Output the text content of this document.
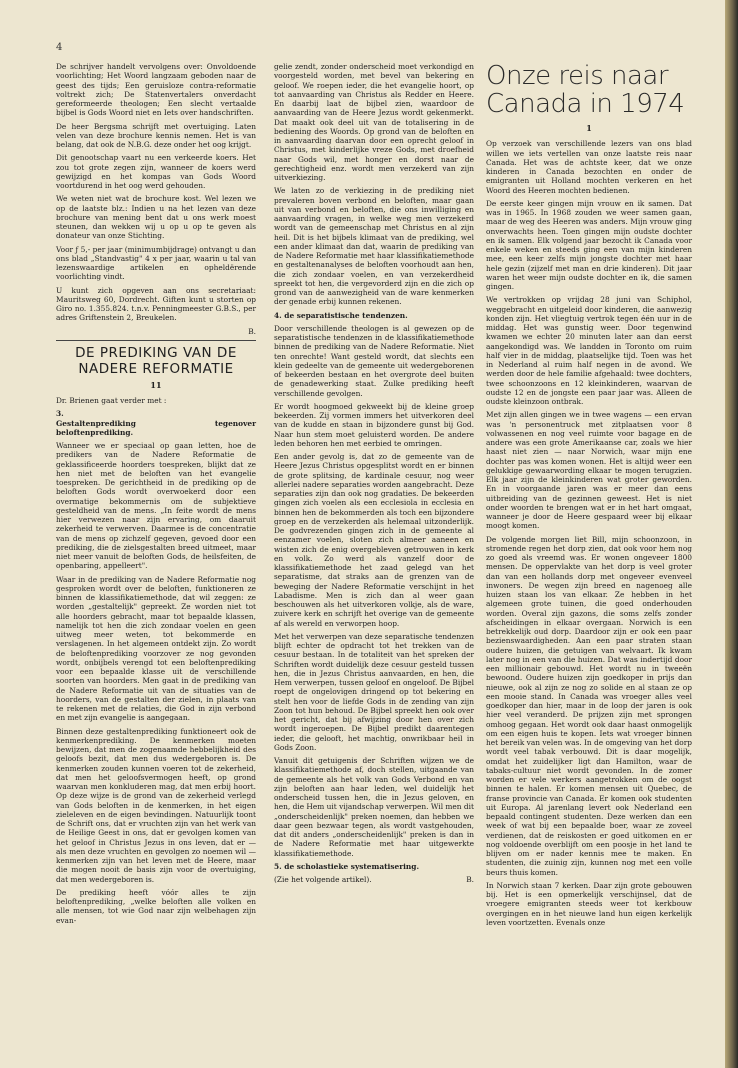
4

De schrijver handelt vervolgens over: Onvoldoende voorlichting; Het Woord langzaam geboden naar de geest des tijds; Een geruisloze contra-reformatie voltrekt zich; De Statenvertalers onverdacht gereformeerde theologen; Een slecht vertaalde bijbel is Gods Woord niet en Iets over handschriften.

De heer Bergsma schrijft met overtuiging. Laten velen van deze brochure kennis nemen. Het is van belang, dat ook de N.B.G. deze onder het oog krijgt.

Dit genootschap vaart nu een verkeerde koers. Het zou tot grote zegen zijn, wanneer de koers werd gewijzigd en het kompas van Gods Woord voortdurend in het oog werd gehouden.

We weten niet wat de brochure kost. Wel lezen we op de laatste blz.: Indien u na het lezen van deze brochure van mening bent dat u ons werk moest steunen, dan wekken wij u op u op te geven als donateur van onze Stichting.

Voor ƒ 5,- per jaar (minimumbijdrage) ontvangt u dan ons blad „Standvastig" 4 x per jaar, waarin u tal van lezenswaardige artikelen en opheldërende voorlichting vindt.

U kunt zich opgeven aan ons secretariaat: Mauritsweg 60, Dordrecht. Giften kunt u storten op Giro no. 1.355.824. t.n.v. Penningmeester G.B.S., per adres Griftenstein 2, Breukelen.

B.

DE PREDIKING VAN DE NADERE REFORMATIE
11

Dr. Brienen gaat verder met :

3. Gestaltenprediking tegenover beloftenprediking.

Wanneer we er speciaal op gaan letten, hoe de predikers van de Nadere Reformatie de geklassificeerde hoorders toespreken, blijkt dat ze hen niet met de beloften van het evangelie toespreken. De gerichtheid in de prediking op de beloften Gods wordt overwoekerd door een overmatige bekommernis om de subjektieve gesteldheid van de mens. „In feite wordt de mens hier verwezen naar zijn ervaring, om daaruit zekerheid te verwerven. Daarmee is de concentratie van de mens op zichzelf gegeven, gevoed door een prediking, die de zielsgestalten breed uitmeet, maar niet meer vanuit de beloften Gods, de heilsfeiten, de openbaring, appelleert".

Waar in de prediking van de Nadere Reformatie nog gesproken wordt over de beloften, funktioneren ze binnen de klassifikatiemethode, dat wil zeggen: ze worden „gestaltelijk" gepreekt. Ze worden niet tot alle hoorders gebracht, maar tot bepaalde klassen, namelijk tot hen die zich zondaar voelen en geen uitweg meer weten, tot bekommerde en verslagenen. In het algemeen ontdekt zijn. Zo wordt de beloftenprediking voorzover ze nog gevonden wordt, onbijbels verengd tot een beloftenprediking voor een bepaalde klasse uit de verschillende soorten van hoorders. Men gaat in de prediking van de Nadere Reformatie uit van de situaties van de hoorders, van de gestalten der zielen, in plaats van te rekenen met de relaties, die God in zijn verbond en met zijn evangelie is aangegaan.

Binnen deze gestaltenprediking funktioneert ook de kenmerkenprediking. De kenmerken moeten bewijzen, dat men de zogenaamde hebbelijkheid des geloofs bezit, dat men dus wedergeboren is. De kenmerken zouden kunnen voeren tot de zekerheid, dat men het geloofsvermogen heeft, op grond waarvan men konkluderen mag, dat men erbij hoort. Op deze wijze is de grond van de zekerheid verlegd van Gods beloften in de kenmerken, in het eigen zieleleven en de eigen bevindingen. Natuurlijk toont de Schrift ons, dat er vruchten zijn van het werk van de Heilige Geest in ons, dat er gevolgen komen van het geloof in Christus Jezus in ons leven, dat er — als men deze vruchten en gevolgen zo noemen wil — kenmerken zijn van het leven met de Heere, maar die mogen nooit de basis zijn voor de overtuiging, dat men wedergeboren is.

De prediking heeft vóór alles te zijn beloftenprediking, „welke beloften alle volken en alle mensen, tot wie God naar zijn welbehagen zijn evan-

gelie zendt, zonder onderscheid moet verkondigd en voorgesteld worden, met bevel van bekering en geloof. We roepen ieder, die het evangelie hoort, op tot aanvaarding van Christus als Redder en Heere. En daarbij laat de bijbel zien, waardoor de aanvaarding van de Heere Jezus wordt gekenmerkt. Dat maakt ook deel uit van de totalisering in de bediening des Woords. Op grond van de beloften en in aanvaarding daarvan door een oprecht geloof in Christus, met kinderlijke vreze Gods, met droefheid naar Gods wil, met honger en dorst naar de gerechtigheid enz. wordt men verzekerd van zijn uitverkiezing.

We laten zo de verkiezing in de prediking niet prevaleren boven verbond en beloften, maar gaan uit van verbond en beloften, die ons inwilliging en aanvaarding vragen, in welke weg men verzekerd wordt van de gemeenschap met Christus en al zijn heil. Dit is het bijbels klimaat van de prediking, wel een ander klimaat dan dat, waarin de prediking van de Nadere Reformatie met haar klassifikatiemethode en gestaltenanalyses de beloften voorhoudt aan hen, die zich zondaar voelen, en van verzekerdheid spreekt tot hen, die vergevorderd zijn en die zich op grond van de aanwezigheid van de ware kenmerken der genade erbij kunnen rekenen.

4. de separatistische tendenzen.

Door verschillende theologen is al gewezen op de separatistische tendenzen in de klassifikatiemethode binnen de prediking van de Nadere Reformatie. Niet ten onrechte! Want gesteld wordt, dat slechts een klein gedeelte van de gemeente uit wedergeborenen of bekeerden bestaan en het overgrote deel buiten de genadewerking staat. Zulke prediking heeft verschillende gevolgen.

Er wordt hoogmoed gekweekt bij de kleine groep bekeerden. Zij vormen immers het uitverkoren deel van de kudde en staan in bijzondere gunst bij God. Naar hun stem moet geluisterd worden. De andere leden behoren hen met eerbied te omringen.

Een ander gevolg is, dat zo de gemeente van de Heere Jezus Christus opgesplitst wordt en er binnen de grote splitsing, de kardinale cesuur, nog weer allerlei nadere separaties worden aangebracht. Deze separaties zijn dan ook nog gradaties. De bekeerden gingen zich voelen als een ecclesiola in ecclesia en binnen hen de bekommerden als toch een bijzondere groep en de verzekerden als helemaal uitzonderlijk. De godvrezenden gingen zich in de gemeente al eenzamer voelen, sloten zich almeer aaneen en wisten zich de enig overgebleven getrouwen in kerk en volk. Zo werd als vanzelf door de klassifikatiemethode het zaad gelegd van het separatisme, dat straks aan de grenzen van de beweging der Nadere Reformatie verschijnt in het Labadisme. Men is zich dan al weer gaan beschouwen als het uitverkoren volkje, als de ware, zuivere kerk en schrijft het overige van de gemeente af als wereld en verworpen hoop.

Met het verwerpen van deze separatische tendenzen blijft echter de opdracht tot het trekken van de cesuur bestaan. In de totaliteit van het spreken der Schriften wordt duidelijk deze cesuur gesteld tussen hen, die in Jezus Christus aanvaarden, en hen, die Hem verwerpen, tussen geloof en ongeloof. De Bijbel roept de ongelovigen dringend op tot bekering en stelt hen voor de liefde Gods in de zending van zijn Zoon tot hun behoud. De Bijbel spreekt hen ook over het gericht, dat bij afwijzing door hen over zich wordt ingeroepen. De Bijbel predikt daarentegen ieder, die gelooft, het machtig, onwrikbaar heil in Gods Zoon.

Vanuit dit getuigenis der Schriften wijzen we de klassifikatiemethode af, doch stellen, uitgaande van de gemeente als het volk van Gods Verbond en van zijn beloften aan haar leden, wel duidelijk het onderscheid tussen hen, die in Jezus geloven, en hen, die Hem uit vijandschap verwerpen. Wil men dit „onderscheidenlijk" preken noemen, dan hebben we daar geen bezwaar tegen, als wordt vastgehouden, dat dit anders „onderscheidenlijk" preken is dan in de Nadere Reformatie met haar uitgewerkte klassifikatiemethode.

5. de scholastieke systematisering.

(Zie het volgende artikel).	B.

Onze reis naar Canada in 1974
1

Op verzoek van verschillende lezers van ons blad willen we iets vertellen van onze laatste reis naar Canada. Het was de achtste keer, dat we onze kinderen in Canada bezochten en onder de emigranten uit Holland mochten verkeren en het Woord des Heeren mochten bedienen.

De eerste keer gingen mijn vrouw en ik samen. Dat was in 1965. In 1968 zouden we weer samen gaan, maar de weg des Heeren was anders. Mijn vrouw ging onverwachts heen. Toen gingen mijn oudste dochter en ik samen. Elk volgend jaar bezocht ik Canada voor enkele weken en steeds ging een van mijn kinderen mee, een keer zelfs mijn jongste dochter met haar hele gezin (zijzelf met man en drie kinderen). Dit jaar waren het weer mijn oudste dochter en ik, die samen gingen.

We vertrokken op vrijdag 28 juni van Schiphol, weggebracht en uitgeleid door kinderen, die aanwezig konden zijn. Het vliegtuig vertrok tegen één uur in de middag. Het was gunstig weer. Door tegenwind kwamen we echter 20 minuten later aan dan eerst aangekondigd was. We landden in Toronto om ruim half vier in de middag, plaatselijke tijd. Toen was het in Nederland al ruim half negen in de avond. We werden door de hele familie afgehaald: twee dochters, twee schoonzoons en 12 kleinkinderen, waarvan de oudste 12 en de jongste een paar jaar was. Alleen de oudste kleinzoon ontbrak.

Met zijn allen gingen we in twee wagens — een ervan was 'n personentruck met zitplaatsen voor 8 volwassenen en nog veel ruimte voor bagage en de andere was een grote Amerikaanse car, zoals we hier haast niet zien — naar Norwich, waar mijn ene dochter pas was komen wonen. Het is altijd weer een gelukkige gewaarwording elkaar te mogen terugzien. Elk jaar zijn de kleinkinderen wat groter geworden. En in voorgaande jaren was er meer dan eens uitbreiding van de gezinnen geweest. Het is niet onder woorden te brengen wat er in het hart omgaat, wanneer je door de Heere gespaard weer bij elkaar moogt komen.

De volgende morgen liet Bill, mijn schoonzoon, in stromende regen het dorp zien, dat ook voor hem nog zo goed als vreemd was. Er wonen ongeveer 1800 mensen. De oppervlakte van het dorp is veel groter dan van een hollands dorp met ongeveer evenveel inwoners. De wegen zijn breed en nagenoeg alle huizen staan los van elkaar. Ze hebben in het algemeen grote tuinen, die goed onderhouden worden. Overal zijn gazons, die soms zelfs zonder afscheidingen in elkaar overgaan. Norwich is een betrekkelijk oud dorp. Daardoor zijn er ook een paar bezienswaardigheden. Aan een paar straten staan oudere huizen, die getuigen van welvaart. Ik kwam later nog in een van die huizen. Dat was indertijd door een millionair gebouwd. Het wordt nu in tweeën bewoond. Oudere huizen zijn goedkoper in prijs dan nieuwe, ook al zijn ze nog zo solide en al staan ze op een mooie stand. In Canada was vroeger alles veel goedkoper dan hier, maar in de loop der jaren is ook hier veel veranderd. De prijzen zijn met sprongen omhoog gegaan. Het wordt ook daar haast onmogelijk om een eigen huis te kopen. Iets wat vroeger binnen het bereik van velen was. In de omgeving van het dorp wordt veel tabak verbouwd. Dit is daar mogelijk, omdat het zuidelijker ligt dan Hamilton, waar de tabaks-cultuur niet wordt gevonden. In de zomer worden er vele werkers aangetrokken om de oogst binnen te halen. Er komen mensen uit Quebec, de franse provincie van Canada. Er komen ook studenten uit Europa. Al jarenlang levert ook Nederland een bepaald contingent studenten. Deze werken dan een week of wat bij een bepaalde boer, waar ze zoveel verdienen, dat de reiskosten er goed uitkomen en er nog voldoende overblijft om een poosje in het land te blijven om er nader kennis mee te maken. En studenten, die zuinig zijn, kunnen nog met een volle beurs thuis komen.

In Norwich staan 7 kerken. Daar zijn grote gebouwen bij. Het is een opmerkelijk verschijnsel, dat de vroegere emigranten steeds weer tot kerkbouw overgingen en in het nieuwe land hun eigen kerkelijk leven voortzetten. Evenals onze
